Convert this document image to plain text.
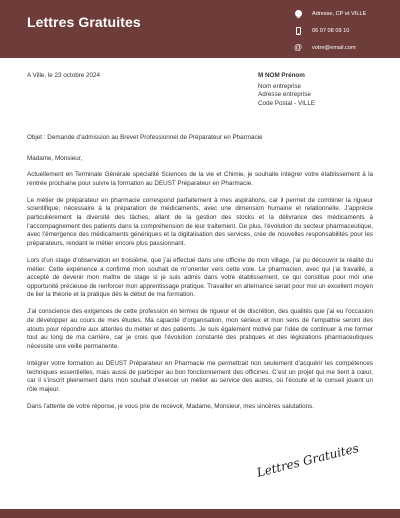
Lettres Gratuites
Adresse, CP et VILLE
06 07 08 09 10
@	votre@email.com
A Ville, le 23 octobre 2024	M NOM Prénom
Nom entreprise
Adresse entreprise
Code Postal - VILLE
Objet : Demande d’admission au Brevet Professionnel de Préparateur en Pharmacie

Madame, Monsieur,

Actuellement en Terminale Générale spécialité Sciences de la vie et Chimie, je souhaite intégrer votre établissement à la rentrée prochaine pour suivre la formation au DEUST Préparateur en Pharmacie.

Le métier de préparateur en pharmacie correspond parfaitement à mes aspirations, car il permet de combiner la rigueur scientifique, nécessaire à la préparation de médicaments, avec une dimension humaine et relationnelle. J’apprécie particulièrement la diversité des tâches, allant de la gestion des stocks et la délivrance des médicaments à l’accompagnement des patients dans la compréhension de leur traitement. De plus, l’évolution du secteur pharmaceutique, avec l’émergence des médicaments génériques et la digitalisation des services, crée de nouvelles responsabilités pour les préparateurs, rendant le métier encore plus passionnant.

Lors d’un stage d’observation en troisième, que j’ai effectué dans une officine de mon village, j’ai pu découvrir la réalité du métier. Cette expérience a confirmé mon souhait de m’orienter vers cette voie. Le pharmacien, avec qui j’ai travaillé, a accepté de devenir mon maître de stage si je suis admis dans votre établissement, ce qui constitue pour moi une opportunité précieuse de renforcer mon apprentissage pratique. Travailler en alternance serait pour moi un excellent moyen de lier la théorie et la pratique dès le début de ma formation.

J’ai conscience des exigences de cette profession en termes de rigueur et de discrétion, des qualités que j’ai eu l’occasion de développer au cours de mes études. Ma capacité d’organisation, mon sérieux et mon sens de l’empathie seront des atouts pour répondre aux attentes du métier et des patients. Je suis également motivé par l’idée de continuer à me former tout au long de ma carrière, car je crois que l’évolution constante des pratiques et des législations pharmaceutiques nécessite une veille permanente.

Intégrer votre formation au DEUST Préparateur en Pharmacie me permettrait non seulement d’acquérir les compétences techniques essentielles, mais aussi de participer au bon fonctionnement des officines. C’est un projet qui me tient à cœur, car il s’inscrit pleinement dans mon souhait d’exercer un métier au service des autres, où l’écoute et le conseil jouent un rôle majeur.

Dans l’attente de votre réponse, je vous prie de recevoir, Madame, Monsieur, mes sincères salutations.

Lettres Gratuites
